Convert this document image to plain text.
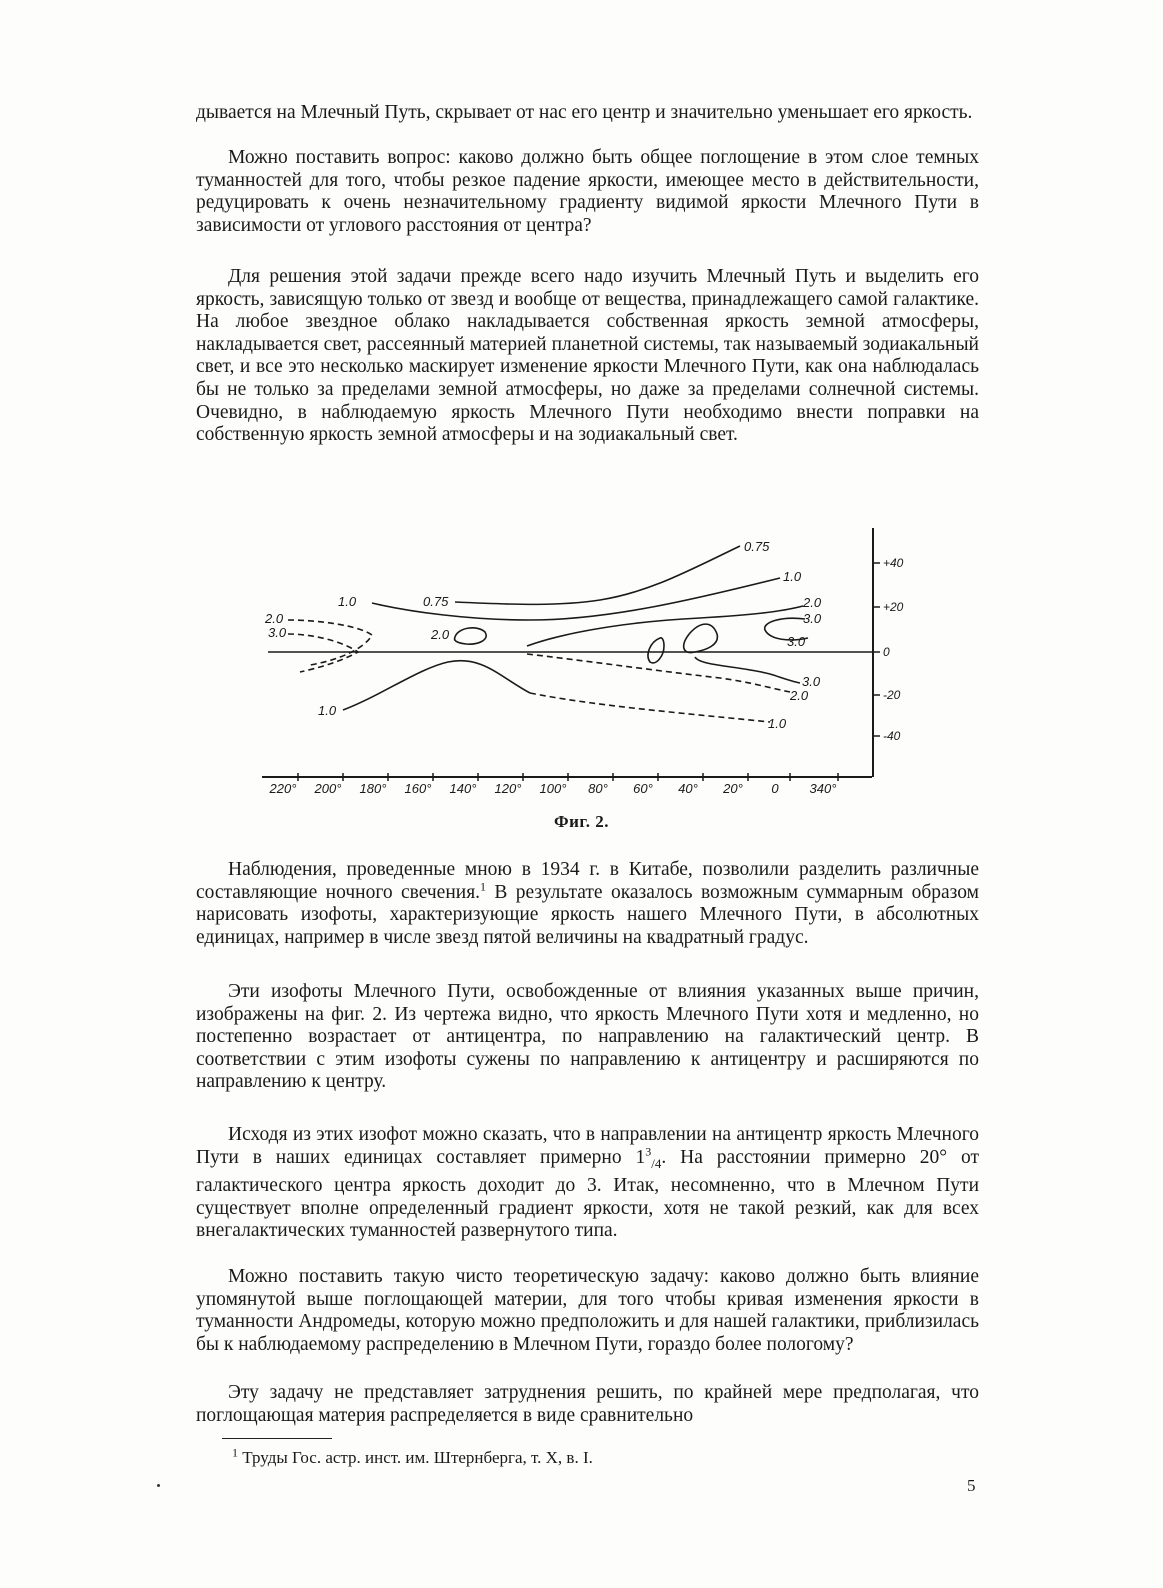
дывается на Млечный Путь, скрывает от нас его центр и значительно уменьшает его яркость.

Можно поставить вопрос: каково должно быть общее поглощение в этом слое темных туманностей для того, чтобы резкое падение яркости, имеющее место в действительности, редуцировать к очень незначительному градиенту видимой яркости Млечного Пути в зависимости от углового расстояния от центра?

Для решения этой задачи прежде всего надо изучить Млечный Путь и выделить его яркость, зависящую только от звезд и вообще от вещества, принадлежащего самой галактике. На любое звездное облако накладывается собственная яркость земной атмосферы, накладывается свет, рассеянный материей планетной системы, так называемый зодиакальный свет, и все это несколько маскирует изменение яркости Млечного Пути, как она наблюдалась бы не только за пределами земной атмосферы, но даже за пределами солнечной системы. Очевидно, в наблюдаемую яркость Млечного Пути необходимо внести поправки на собственную яркость земной атмосферы и на зодиакальный свет.

220° 200° 180° 160° 140° 120° 100° 80° 60° 40° 20° 0 340°
+40
+20
0
-20
-40
0.75
1.0
0.75
1.0	2.0
3.0
2.0
2.0
3.0
3.0
3.0
2.0
1.0
1.0
Фиг. 2.

Наблюдения, проведенные мною в 1934 г. в Китабе, позволили разделить различные составляющие ночного свечения.$^1$ В результате оказалось возможным суммарным образом нарисовать изофоты, характеризующие яркость нашего Млечного Пути, в абсолютных единицах, например в числе звезд пятой величины на квадратный градус.

Эти изофоты Млечного Пути, освобожденные от влияния указанных выше причин, изображены на фиг. 2. Из чертежа видно, что яркость Млечного Пути хотя и медленно, но постепенно возрастает от антицентра, по направлению на галактический центр. В соответствии с этим изофоты сужены по направлению к антицентру и расширяются по направлению к центру.

Исходя из этих изофот можно сказать, что в направлении на антицентр яркость Млечного Пути в наших единицах составляет примерно $1^3_{/4}$. На расстоянии примерно 20° от галактического центра яркость доходит до 3. Итак, несомненно, что в Млечном Пути существует вполне определенный градиент яркости, хотя не такой резкий, как для всех внегалактических туманностей развернутого типа.

Можно поставить такую чисто теоретическую задачу: каково должно быть влияние упомянутой выше поглощающей материи, для того чтобы кривая изменения яркости в туманности Андромеды, которую можно предположить и для нашей галактики, приблизилась бы к наблюдаемому распределению в Млечном Пути, гораздо более пологому?

Эту задачу не представляет затруднения решить, по крайней мере предполагая, что поглощающая материя распределяется в виде сравнительно

$^1$ Труды Гос. астр. инст. им. Штернберга, т. X, в. I.
5
